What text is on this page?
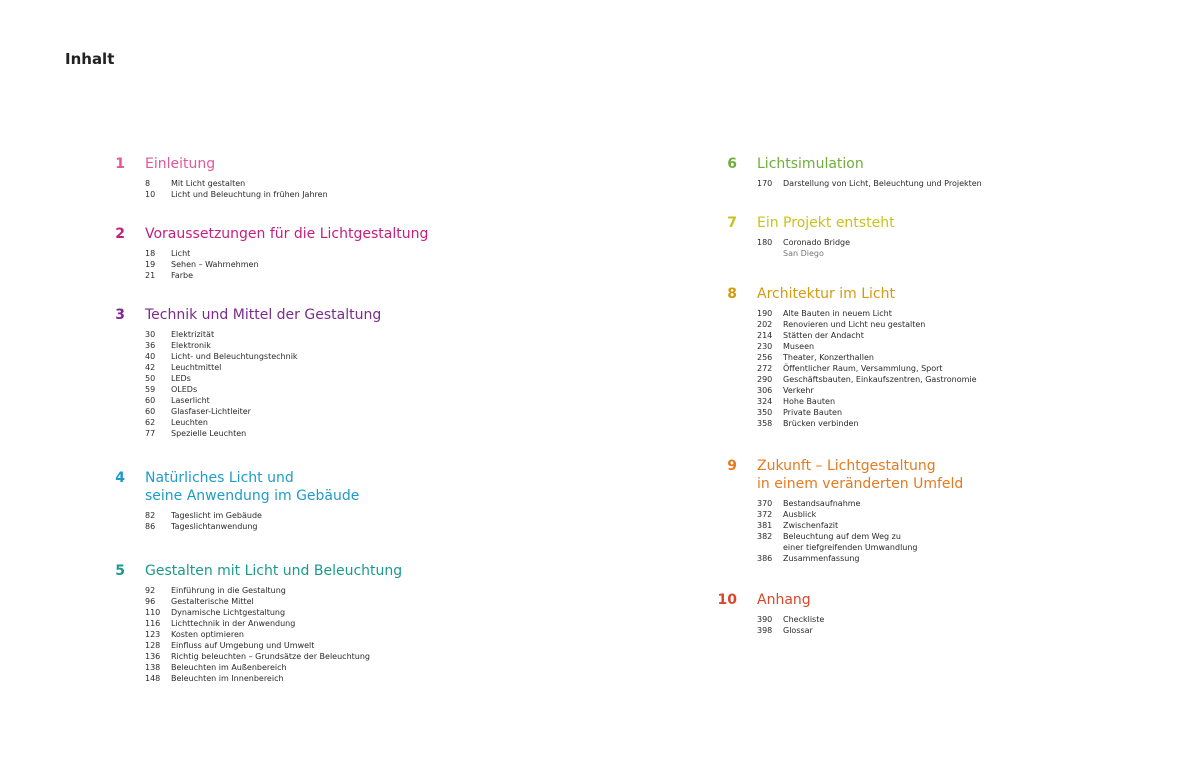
Inhalt
1 Einleitung
8	Mit Licht gestalten
10	Licht und Beleuchtung in frühen Jahren
2 Voraussetzungen für die Lichtgestaltung
18	Licht
19	Sehen – Wahrnehmen
21	Farbe
3 Technik und Mittel der Gestaltung
30	Elektrizität
36	Elektronik
40	Licht- und Beleuchtungstechnik
42	Leuchtmittel
50	LEDs
59	OLEDs
60	Laserlicht
60	Glasfaser-Lichtleiter
62	Leuchten
77	Spezielle Leuchten
4 Natürliches Licht und
seine Anwendung im Gebäude
82	Tageslicht im Gebäude
86	Tageslichtanwendung
5 Gestalten mit Licht und Beleuchtung
92	Einführung in die Gestaltung
96	Gestalterische Mittel
110	Dynamische Lichtgestaltung
116	Lichttechnik in der Anwendung
123	Kosten optimieren
128	Einfluss auf Umgebung und Umwelt
136	Richtig beleuchten – Grundsätze der Beleuchtung
138	Beleuchten im Außenbereich
148	Beleuchten im Innenbereich
6 Lichtsimulation
170	Darstellung von Licht, Beleuchtung und Projekten
7 Ein Projekt entsteht
180	Coronado Bridge
San Diego
8 Architektur im Licht
190	Alte Bauten in neuem Licht
202	Renovieren und Licht neu gestalten
214	Stätten der Andacht
230	Museen
256	Theater, Konzerthallen
272	Öffentlicher Raum, Versammlung, Sport
290	Geschäftsbauten, Einkaufszentren, Gastronomie
306	Verkehr
324	Hohe Bauten
350	Private Bauten
358	Brücken verbinden
9 Zukunft – Lichtgestaltung
in einem veränderten Umfeld
370	Bestandsaufnahme
372	Ausblick
381	Zwischenfazit
382	Beleuchtung auf dem Weg zu
einer tiefgreifenden Umwandlung
386	Zusammenfassung
10 Anhang
390	Checkliste
398	Glossar
